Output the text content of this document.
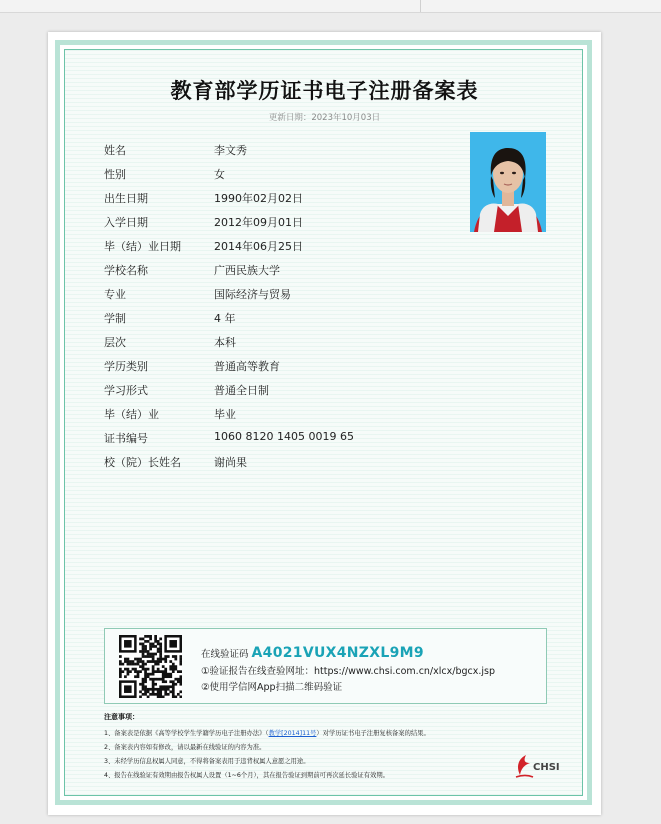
教育部学历证书电子注册备案表
更新日期：2023年10月03日
姓名	李文秀
性别	女
出生日期	1990年02月02日
入学日期	2012年09月01日
毕（结）业日期	2014年06月25日
学校名称	广西民族大学
专业	国际经济与贸易
学制	4 年
层次	本科
学历类别	普通高等教育
学习形式	普通全日制
毕（结）业	毕业
证书编号	1060 8120 1405 0019 65
校（院）长姓名	谢尚果
在线验证码 A4021VUX4NZXL9M9
①验证报告在线查验网址：https://www.chsi.com.cn/xlcx/bgcx.jsp
②使用学信网App扫描二维码验证
注意事项：
1、备案表是依据《高等学校学生学籍学历电子注册办法》（教学[2014]11号）对学历证书电子注册复核备案的结果。
2、备案表内容如有修改，请以最新在线验证的内容为准。
3、未经学历信息权属人同意，不得将备案表用于违背权属人意愿之用途。
4、报告在线验证有效期由报告权属人设置（1~6个月），其在报告验证到期前可再次延长验证有效期。
CHSI
